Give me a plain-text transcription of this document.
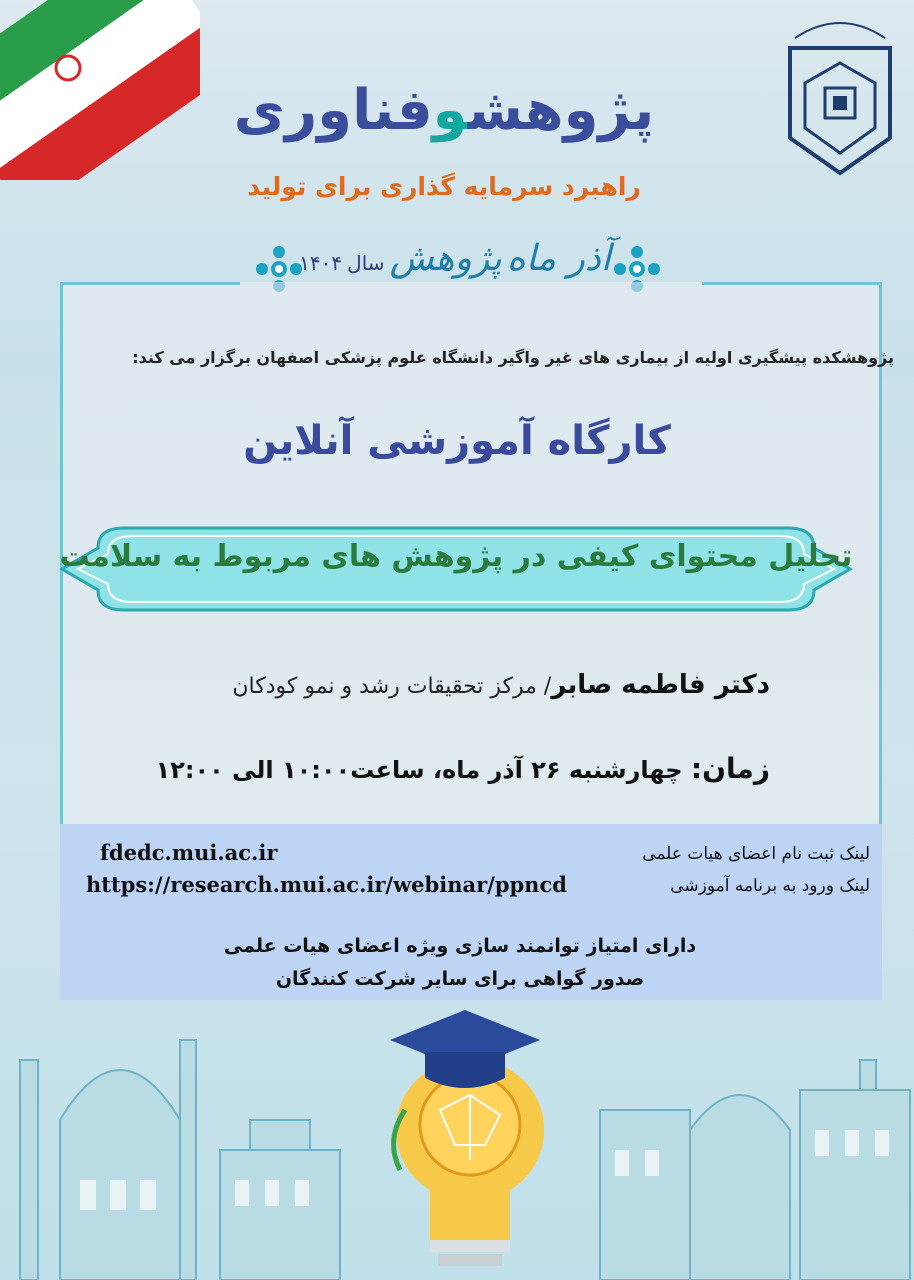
پژوهشوفناوری
راهبرد سرمایه گذاری برای تولید
آذر ماه پژوهش سال ۱۴۰۴
پژوهشکده پیشگیری اولیه از بیماری های غیر واگیر دانشگاه علوم پزشکی اصفهان برگزار می کند:
کارگاه آموزشی آنلاین
تحلیل محتوای کیفی در پژوهش های مربوط به سلامت
دکتر فاطمه صابر/ مرکز تحقیقات رشد و نمو کودکان
زمان: چهارشنبه ۲۶ آذر ماه، ساعت۱۰:۰۰ الی ۱۲:۰۰
لینک ثبت نام اعضای هیات علمی
fdedc.mui.ac.ir
لینک ورود به برنامه آموزشی
https://research.mui.ac.ir/webinar/ppncd
دارای امتیاز توانمند سازی ویژه اعضای هیات علمی
صدور گواهی برای سایر شرکت کنندگان
